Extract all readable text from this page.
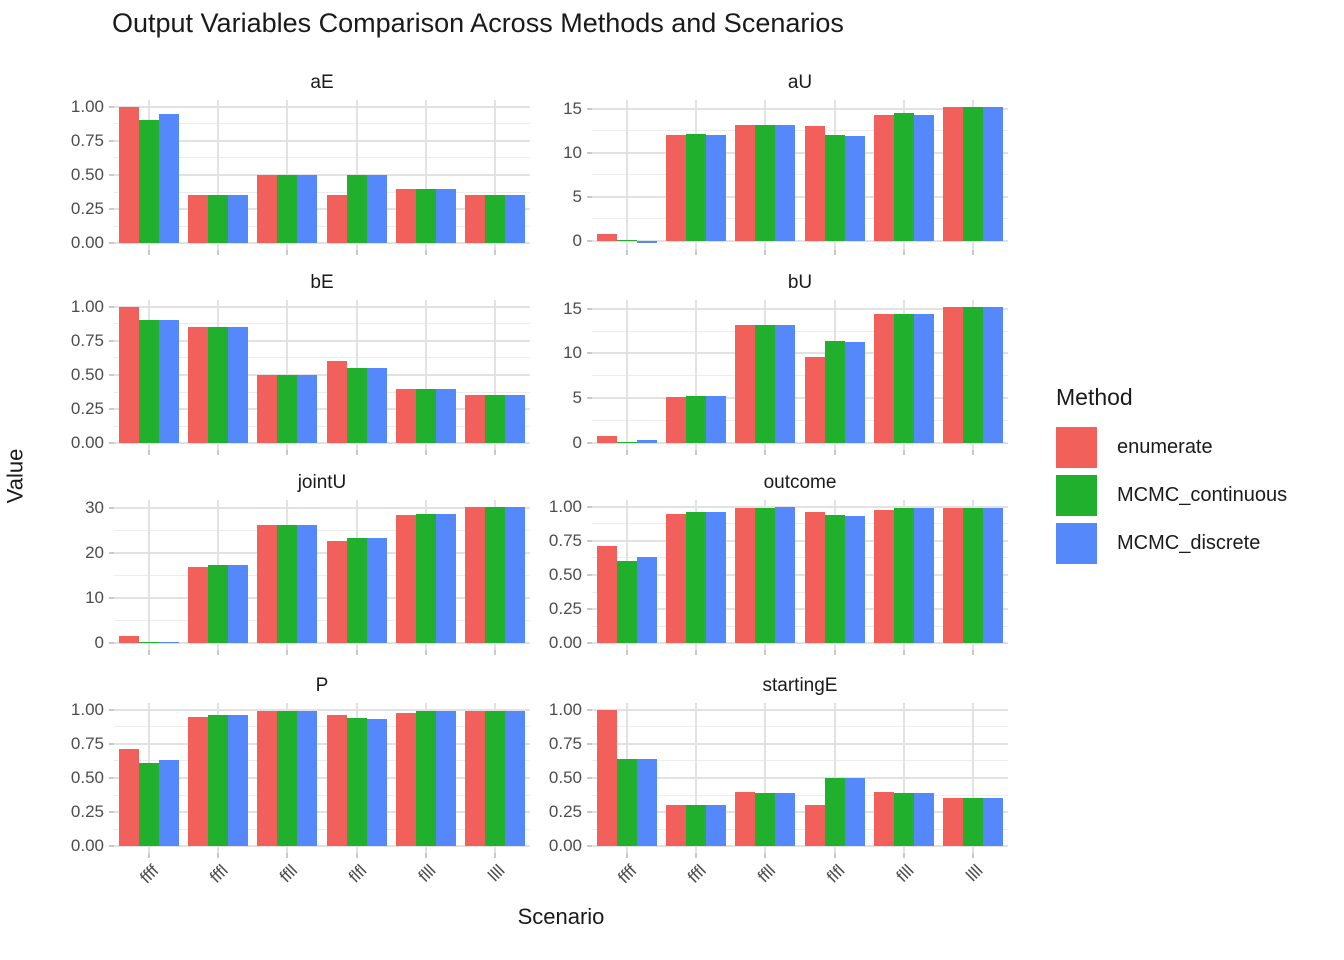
Output Variables Comparison Across Methods and Scenarios
Value
aE
0.00
0.25
0.50
0.75
1.00
aU
0
5
10
15
bE
0.00
0.25
0.50
0.75
1.00
bU
0
5
10
15
jointU
0
10
20
30
outcome
0.00
0.25
0.50
0.75
1.00
P
0.00
0.25
0.50
0.75
1.00
ffff	fffl	ffll	flfl	flll	llll
startingE
0.00
0.25
0.50
0.75
1.00
ffff	fffl	ffll	flfl	flll	llll
Scenario
Method
enumerate
MCMC_continuous
MCMC_discrete
